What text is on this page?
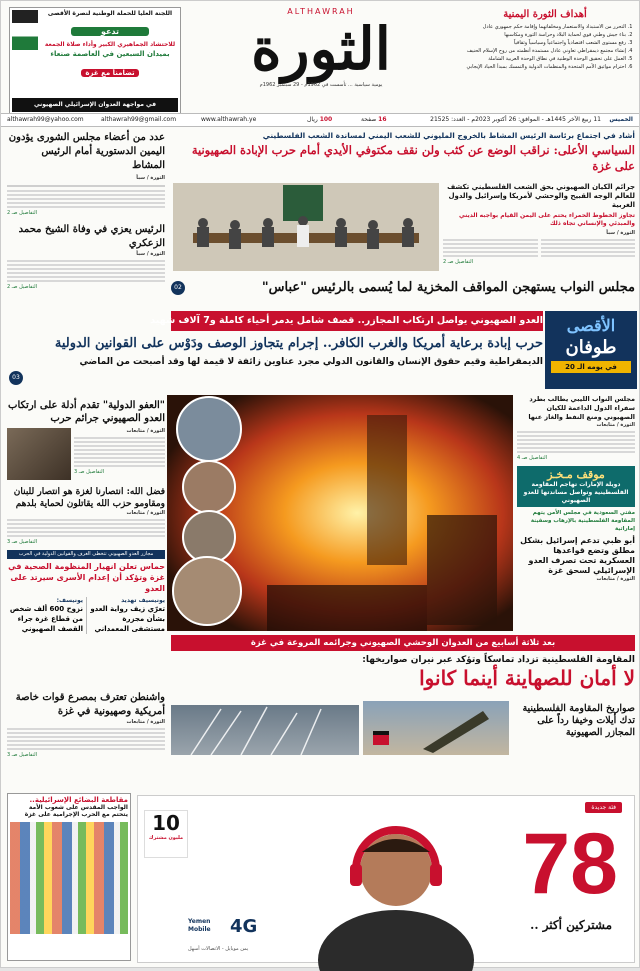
اللجنة العليا للحملة الوطنية لنصرة الأقصى
تدعو
للاحتشاد الجماهيري الكبير وأداء صلاة الجمعة
بميدان السبعين في العاصمة صنعاء
تضامناً مع غزة
في مواجهة العدوان الإسرائيلي الصهيوني
ALTHAWRAH
الثورة
يومية سياسية ... تأسست في 1962م - 29 سبتمبر 1962م
أهداف الثورة اليمنية
1. التحرر من الاستبداد والاستعمار ومخلفاتهما وإقامة حكم جمهوري عادل
2. بناء جيش وطني قوي لحماية البلاد وحراسة الثورة ومكاسبها
3. رفع مستوى الشعب اقتصادياً واجتماعياً وسياسياً وثقافياً
4. إنشاء مجتمع ديمقراطي تعاوني عادل مستمدة أنظمته من روح الإسلام الحنيف
5. العمل على تحقيق الوحدة الوطنية في نطاق الوحدة العربية الشاملة
6. احترام مواثيق الأمم المتحدة والمنظمات الدولية والتمسك بمبدأ الحياد الإيجابي
الخميس
11 ربيع الآخر 1445هـ - الموافق: 26 أكتوبر 2023م - العدد: 21525
16 صفحة
100 ريال
www.althawrah.ye
althawrah99@gmail.com
althawrah99@yahoo.com
عدد من أعضاء مجلس الشورى يؤدون اليمين الدستورية أمام الرئيس المشاط
الثورة / سبأ
التفاصيل صـ 2
الرئيس يعزي في وفاة الشيخ محمد الزعكري
الثورة / سبأ
التفاصيل صـ 2
"العفو الدولية" تقدم أدلة على ارتكاب العدو الصهيوني جرائم حرب
الثورة / متابعات
التفاصيل صـ 3
فضل الله: انتصارنا لغزة هو انتصار للبنان ومقاومو حزب الله يقاتلون لحماية بلدهم
الثورة / متابعات
التفاصيل صـ 3
مجازر العدو الصهيوني تتخطى الغرف والقوانين الدولية في الحرب
حماس تعلن انهيار المنظومة الصحية في غزة وتؤكد أن إعدام الأسرى سيرتد على العدو
يونيسف:
نزوح 600 ألف شخص من قطاع غزة جراء القصف الصهيوني
يونيسيف تهديد
تعرّي زيف رواية العدو بشأن مجزرة مستشفى المعمداني
واشنطن تعترف بمصرع قوات خاصة أمريكية وصهيونية في غزة
الثورة / متابعات
التفاصيل صـ 3
مقاطعة البضائع الإسرائيلية..
الواجب المقدس على شعوب الأمة
يتحتم مع الحرب الإجرامية على غزة
أشاد في اجتماع برئاسة الرئيس المشاط بالخروج المليوني للشعب اليمني لمساندة الشعب الفلسطيني
السياسي الأعلى: نراقب الوضع عن كثب ولن نقف مكتوفي الأيدي أمام حرب الإبادة الصهيونية على غزة
جرائم الكيان الصهيوني بحق الشعب الفلسطيني تكشف للعالم الوجه القبيح والوحشي لأمريكا وإسرائيل والدول الغربية
تجاوز الخطوط الحمراء يحتم على اليمن القيام بواجبه الديني والمبدئي والإنساني تجاه ذلك
الثورة / سبأ
التفاصيل صـ 2
02	مجلس النواب يستهجن المواقف المخزية لما يُسمى بالرئيس "عباس"
العدو الصهيوني يواصل ارتكاب المجازر.. قصف شامل يدمر أحياء كاملة و7 آلاف شهيد	الأقصى
طوفان
في يومه الـ 20
حرب إبادة برعاية أمريكا والغرب الكافر.. إجرام يتجاوز الوصف ودَوْس على القوانين الدولية
الديمقراطية وقيم حقوق الإنسان والقانون الدولي مجرد عناوين زائفة لا قيمة لها وقد أصبحت من الماضي
03
مجلس النواب الليبي يطالب بطرد سفراء الدول الداعمة للكيان الصهيوني ومنع النفط والغاز عنها
الثورة / متابعات
التفاصيل صـ 4
موقف مـخـز
دويلة الإمارات تهاجم المقاومة الفلسطينية وتواصل مساندتها للعدو الصهيوني
مفتي السعودية في مجلس الأمن يتهم المقاومة الفلسطينية بالإرهاب وسفينة إماراتية
أبو ظبي تدعم إسرائيل بشكل مطلق وتضع قواعدها العسكرية تحت تصرف العدو الإسرائيلي لسحق غزة
الثورة / متابعات
بعد ثلاثة أسابيع من العدوان الوحشي الصهيوني وجرائمه المروعة في غزة
المقاومة الفلسطينية تزداد تماسكاً وتؤكد عبر نيران صواريخها:
لا أمان للصهاينة أينما كانوا
صواريخ المقاومة الفلسطينية تدك أيلات وخيفا رداً على المجازر الصهيونية
فئة جديدة
78
مشتركين أكثر ..
10
مليون مشترك
4G
Yemen Mobile
يمن موبايل - الاتصالات أسهل
